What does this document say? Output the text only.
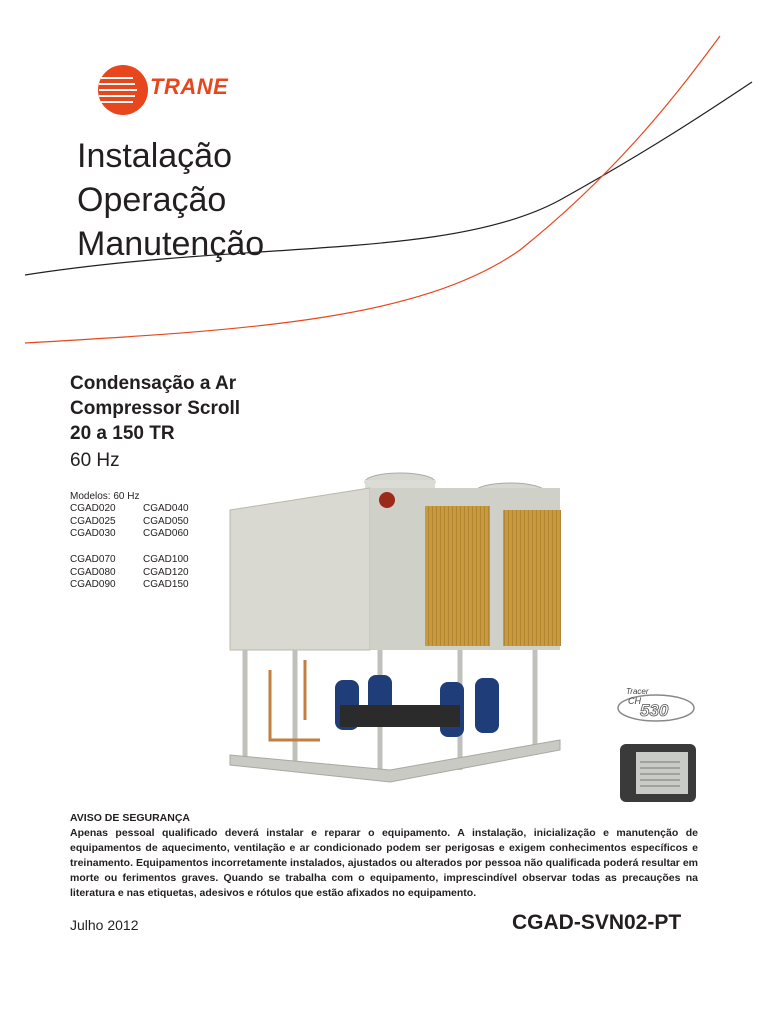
TRANE
Instalação
Operação
Manutenção
Condensação a Ar
Compressor Scroll
20 a 150 TR
60 Hz
Modelos: 60 Hz
CGAD020
CGAD025
CGAD030
CGAD040
CGAD050
CGAD060
CGAD070
CGAD080
CGAD090
CGAD100
CGAD120
CGAD150
Tracer
CH 530
AVISO DE SEGURANÇA
Apenas pessoal qualificado deverá instalar e reparar o equipamento. A instalação, inicialização e manutenção de equipamentos de aquecimento, ventilação e ar condicionado podem ser perigosas e exigem conhecimentos específicos e treinamento. Equipamentos incorretamente instalados, ajustados ou alterados por pessoa não qualificada poderá resultar em morte ou ferimentos graves. Quando se trabalha com o equipamento, imprescindível observar todas as precauções na literatura e nas etiquetas, adesivos e rótulos que estão afixados no equipamento.
Julho 2012	CGAD-SVN02-PT
